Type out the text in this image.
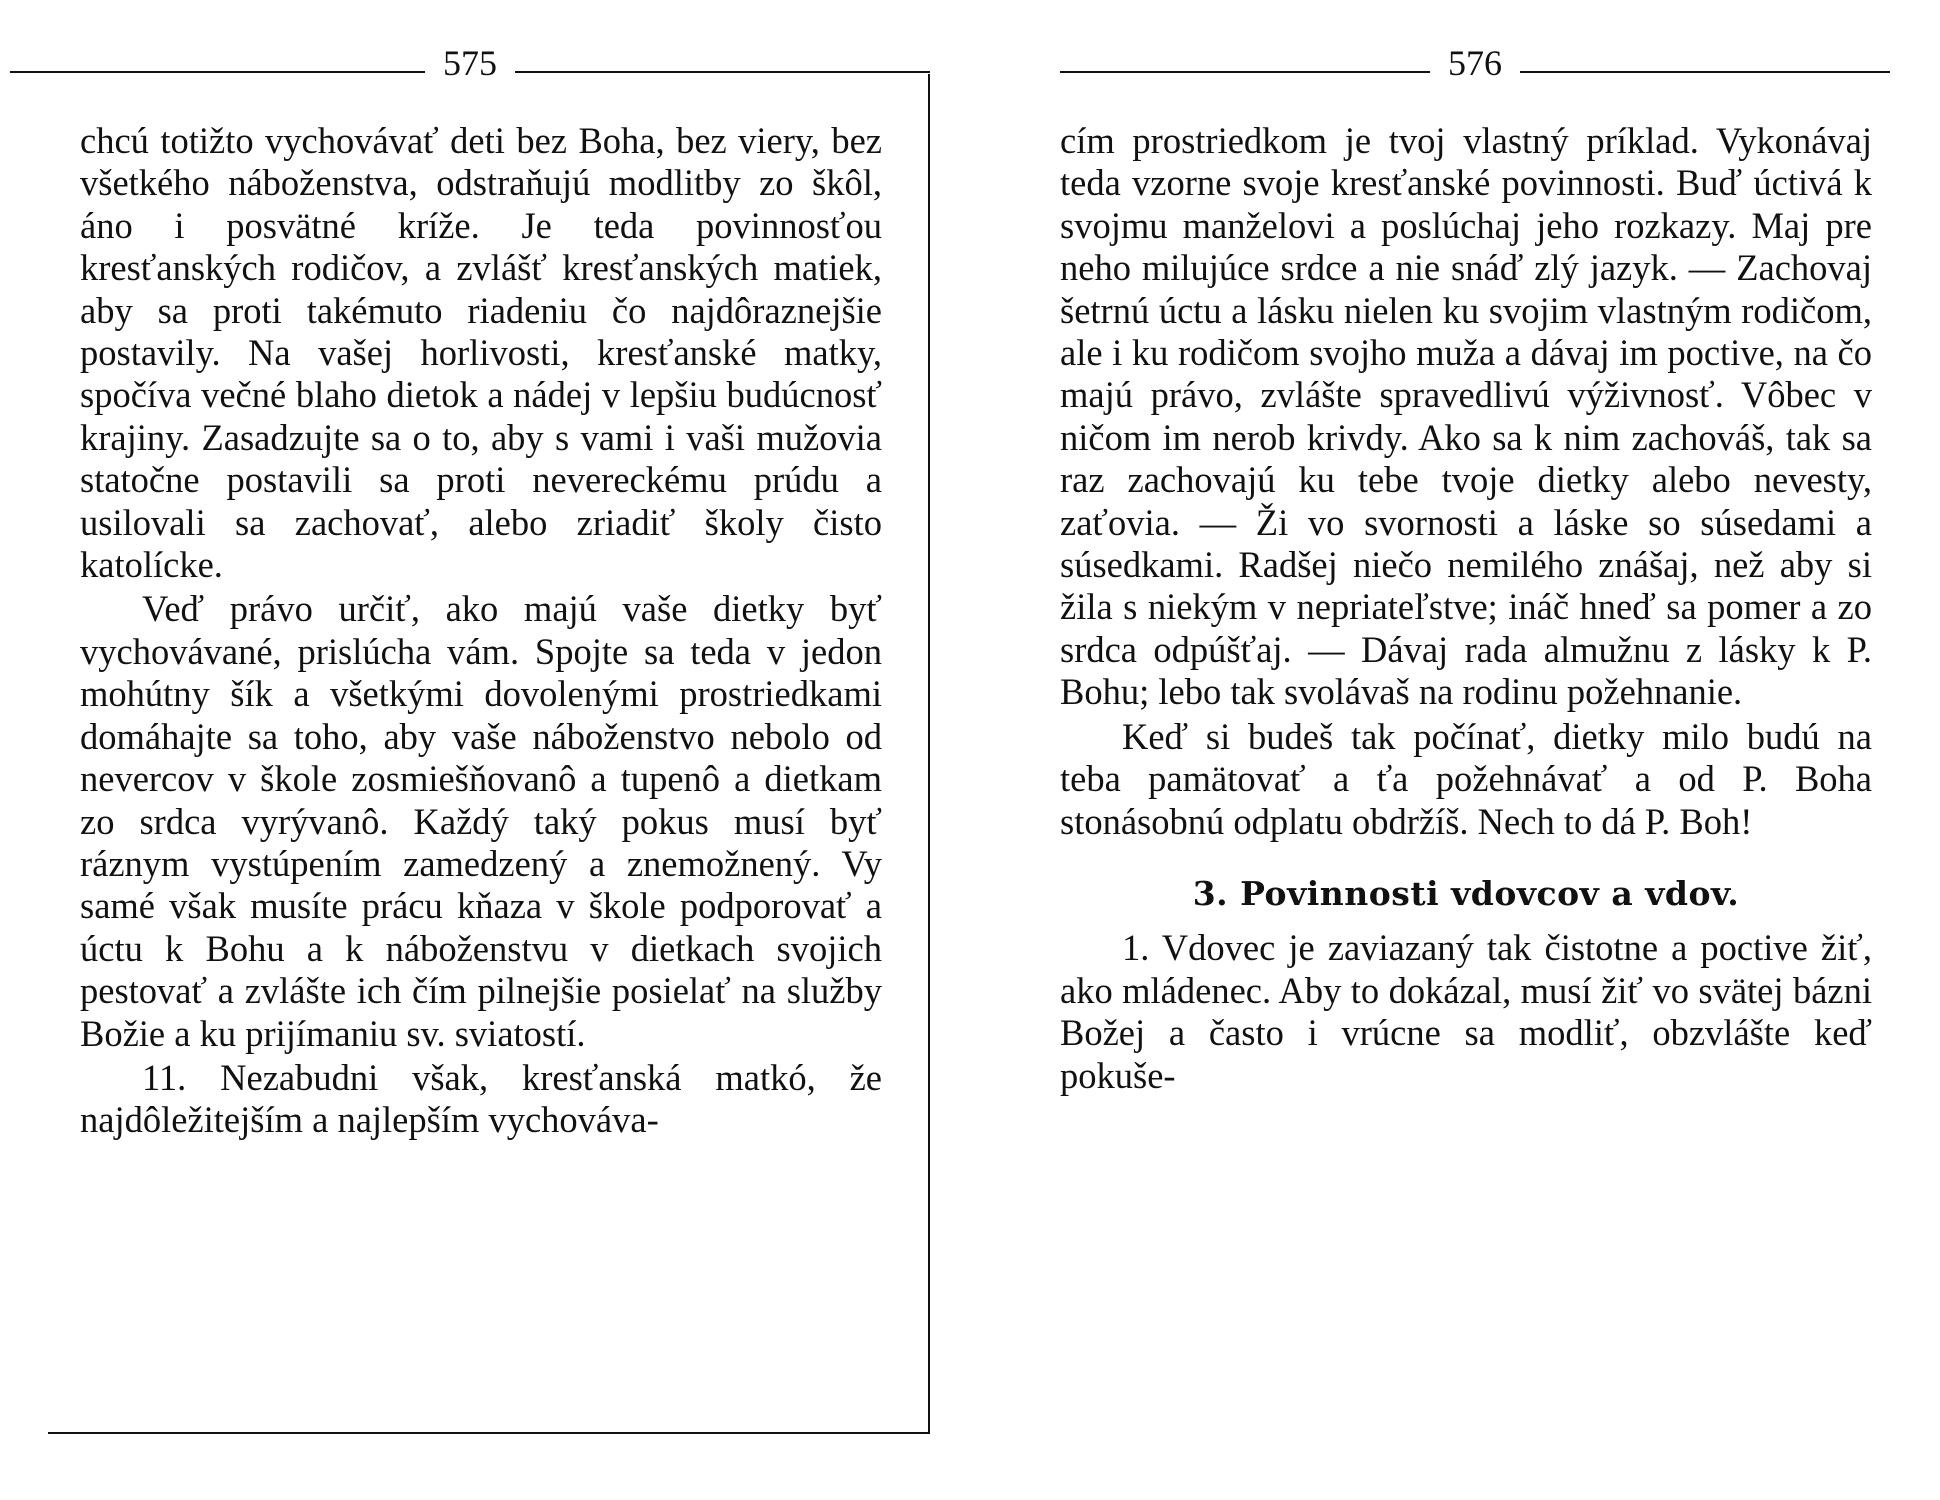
575

chcú totižto vychovávať deti bez Boha, bez viery, bez všetkého náboženstva, odstraňujú modlitby zo škôl, áno i posvätné kríže. Je teda povinnosťou kresťanských rodičov, a zvlášť kresťanských matiek, aby sa proti takémuto riadeniu čo najdôraznejšie postavily. Na vašej horlivosti, kresťanské matky, spočíva večné blaho dietok a nádej v lepšiu budúcnosť krajiny. Zasadzujte sa o to, aby s vami i vaši mužovia statočne postavili sa proti nevereckému prúdu a usilovali sa zachovať, alebo zriadiť školy čisto katolícke.

Veď právo určiť, ako majú vaše dietky byť vychovávané, prislúcha vám. Spojte sa teda v jedon mohútny šík a všetkými dovolenými prostriedkami domáhajte sa toho, aby vaše náboženstvo nebolo od nevercov v škole zosmiešňovanô a tupenô a dietkam zo srdca vyrývanô. Každý taký pokus musí byť ráznym vystúpením zamedzený a znemožnený. Vy samé však musíte prácu kňaza v škole podporovať a úctu k Bohu a k náboženstvu v dietkach svojich pestovať a zvlášte ich čím pilnejšie posielať na služby Božie a ku prijímaniu sv. sviatostí.

11. Nezabudni však, kresťanská matkó, že najdôležitejším a najlepším vychováva-

576

cím prostriedkom je tvoj vlastný príklad. Vykonávaj teda vzorne svoje kresťanské povinnosti. Buď úctivá k svojmu manželovi a poslúchaj jeho rozkazy. Maj pre neho milujúce srdce a nie snáď zlý jazyk. — Zachovaj šetrnú úctu a lásku nielen ku svojim vlastným rodičom, ale i ku rodičom svojho muža a dávaj im poctive, na čo majú právo, zvlášte spravedlivú výživnosť. Vôbec v ničom im nerob krivdy. Ako sa k nim zachováš, tak sa raz zachovajú ku tebe tvoje dietky alebo nevesty, zaťovia. — Ži vo svornosti a láske so súsedami a súsedkami. Radšej niečo nemilého znášaj, než aby si žila s niekým v nepriateľstve; ináč hneď sa pomer a zo srdca odpúšťaj. — Dávaj rada almužnu z lásky k P. Bohu; lebo tak svolávaš na rodinu požehnanie.

Keď si budeš tak počínať, dietky milo budú na teba pamätovať a ťa požehnávať a od P. Boha stonásobnú odplatu obdržíš. Nech to dá P. Boh!

3. Povinnosti vdovcov a vdov.

1. Vdovec je zaviazaný tak čistotne a poctive žiť, ako mládenec. Aby to dokázal, musí žiť vo svätej bázni Božej a často i vrúcne sa modliť, obzvlášte keď pokuše-
